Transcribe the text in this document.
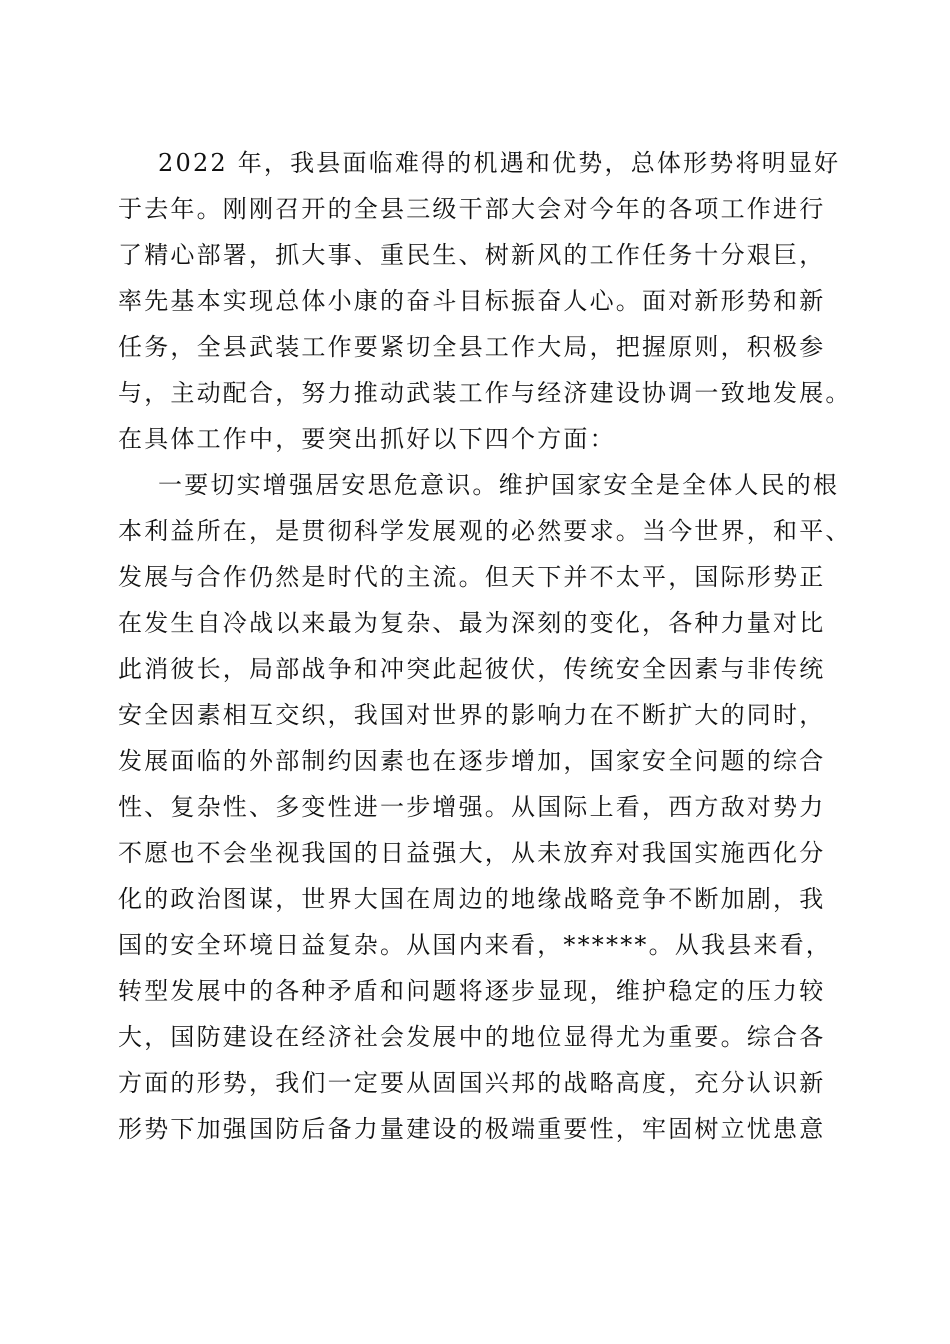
2022 年，我县面临难得的机遇和优势，总体形势将明显好
于去年。刚刚召开的全县三级干部大会对今年的各项工作进行
了精心部署，抓大事、重民生、树新风的工作任务十分艰巨，
率先基本实现总体小康的奋斗目标振奋人心。面对新形势和新
任务，全县武装工作要紧切全县工作大局，把握原则，积极参
与，主动配合，努力推动武装工作与经济建设协调一致地发展。
在具体工作中，要突出抓好以下四个方面：
一要切实增强居安思危意识。维护国家安全是全体人民的根
本利益所在，是贯彻科学发展观的必然要求。当今世界，和平、
发展与合作仍然是时代的主流。但天下并不太平，国际形势正
在发生自冷战以来最为复杂、最为深刻的变化，各种力量对比
此消彼长，局部战争和冲突此起彼伏，传统安全因素与非传统
安全因素相互交织，我国对世界的影响力在不断扩大的同时，
发展面临的外部制约因素也在逐步增加，国家安全问题的综合
性、复杂性、多变性进一步增强。从国际上看，西方敌对势力
不愿也不会坐视我国的日益强大，从未放弃对我国实施西化分
化的政治图谋，世界大国在周边的地缘战略竞争不断加剧，我
国的安全环境日益复杂。从国内来看，******。从我县来看，
转型发展中的各种矛盾和问题将逐步显现，维护稳定的压力较
大，国防建设在经济社会发展中的地位显得尤为重要。综合各
方面的形势，我们一定要从固国兴邦的战略高度，充分认识新
形势下加强国防后备力量建设的极端重要性，牢固树立忧患意
